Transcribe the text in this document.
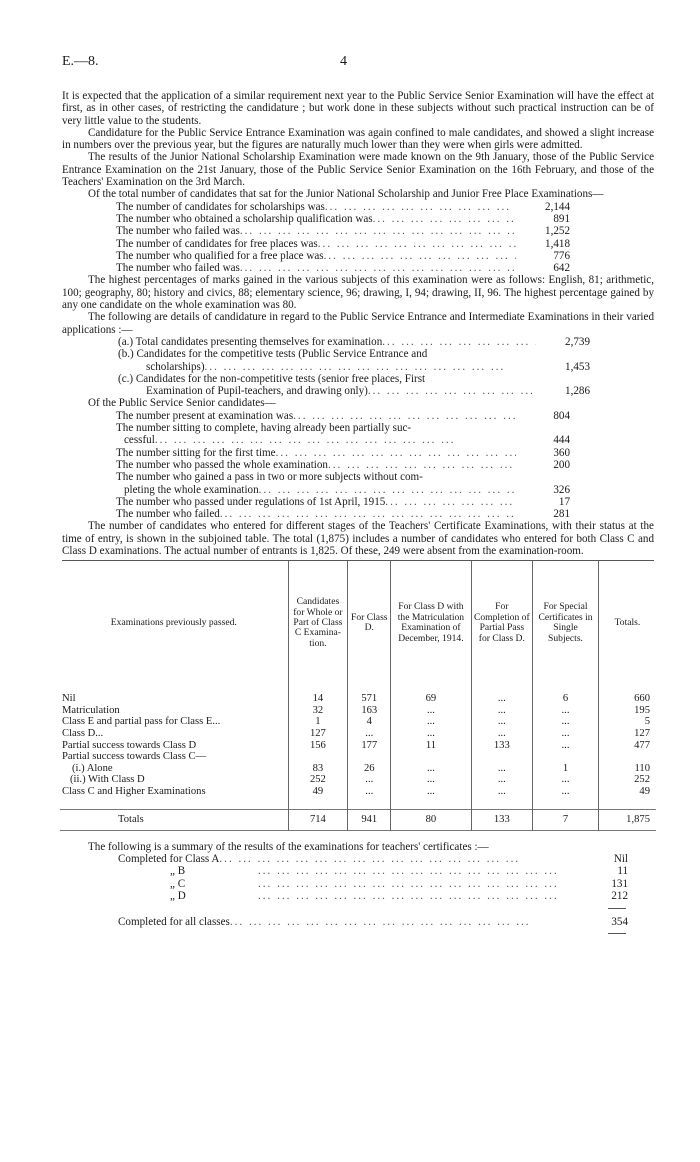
E.—8.	4

It is expected that the application of a similar requirement next year to the Public Service Senior Examination will have the effect at first, as in other cases, of restricting the candidature ; but work done in these subjects without such practical instruction can be of very little value to the students.

Candidature for the Public Service Entrance Examination was again confined to male candidates, and showed a slight increase in numbers over the previous year, but the figures are naturally much lower than they were when girls were admitted.

The results of the Junior National Scholarship Examination were made known on the 9th January, those of the Public Service Entrance Examination on the 21st January, those of the Public Service Senior Examination on the 16th February, and those of the Teachers' Examination on the 3rd March.

Of the total number of candidates that sat for the Junior National Scholarship and Junior Free Place Examinations—

The number of candidates for scholarships was ... .	2,144
The number who obtained a scholarship qualification was ... .	891
The number who failed was ... .	1,252
The number of candidates for free places was ... .	1,418
The number who qualified for a free place was ... .	776
The number who failed was ... .	642

The highest percentages of marks gained in the various subjects of this examination were as follows: English, 81; arithmetic, 100; geography, 80; history and civics, 88; elementary science, 96; drawing, I, 94; drawing, II, 96. The highest percentage gained by any one candidate on the whole examination was 80.

The following are details of candidature in regard to the Public Service Entrance and Intermediate Examinations in their varied applications :—

(a.) Total candidates presenting themselves for examination ... .	2,739
(b.) Candidates for the competitive tests (Public Service Entrance and
scholarships) ... .	1,453
(c.) Candidates for the non-competitive tests (senior free places, First
Examination of Pupil-teachers, and drawing only) ... .	1,286

Of the Public Service Senior candidates—

The number present at examination was ... .	804
The number sitting to complete, having already been partially suc-
cessful ... .	444
The number sitting for the first time ... .	360
The number who passed the whole examination ... .	200
The number who gained a pass in two or more subjects without com-
pleting the whole examination ... .	326
The number who passed under regulations of 1st April, 1915 ... .	17
The number who failed ... .	281

The number of candidates who entered for different stages of the Teachers' Certificate Examinations, with their status at the time of entry, is shown in the subjoined table. The total (1,875) includes a number of candidates who entered for both Class C and Class D examinations. The actual number of entrants is 1,825. Of these, 249 were absent from the examination-room.

Examinations previously passed.	Candidates for Whole or Part of Class C Examina-tion.	For Class D.	For Class D with the Matriculation Examination of December, 1914.	For Completion of Partial Pass for Class D.	For Special Certificates in Single Subjects.	Totals.

Nil	14	571	69	...	6	660
Matriculation	32	163	...	...	...	195
Class E and partial pass for Class E...	1	4	...	...	...	5
Class D...	127	...	...	...	...	127
Partial success towards Class D	156	177	11	133	...	477
Partial success towards Class C—						
(i.) Alone	83	26	...	...	1	110
(ii.) With Class D	252	...	...	...	...	252
Class C and Higher Examinations	49	...	...	...	...	49

Totals	714	941	80	133	7	1,875

The following is a summary of the results of the examinations for teachers' certificates :—

Completed for Class A ... .	Nil
„ B ... .	11
„ C ... .	131
„ D ... .	212
Completed for all classes ... .	354
